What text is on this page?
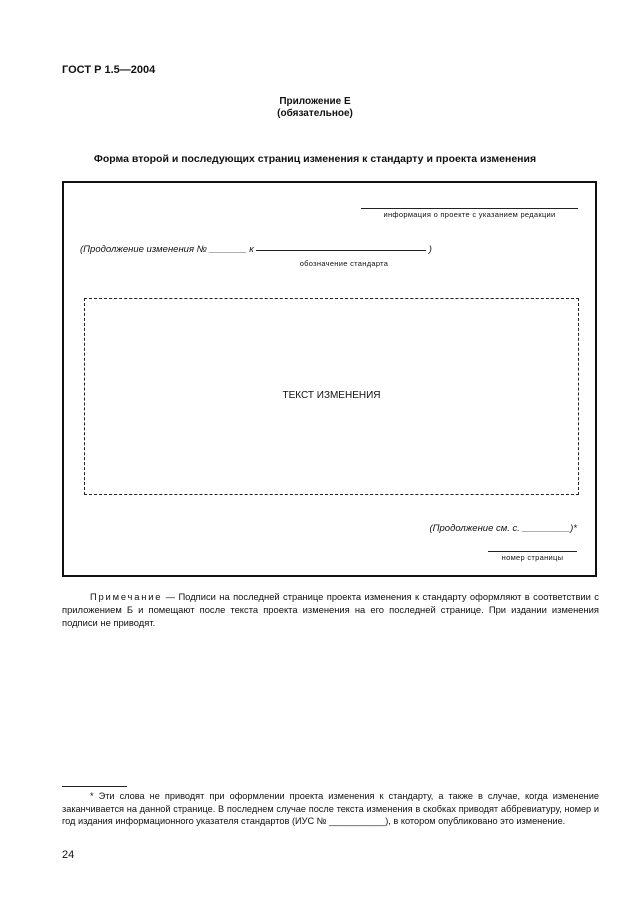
ГОСТ Р 1.5—2004
Приложение Е
(обязательное)
Форма второй и последующих страниц изменения к стандарту и проекта изменения
информация о проекте с указанием редакции
(Продолжение изменения № _______ к	)
обозначение стандарта
ТЕКСТ ИЗМЕНЕНИЯ
(Продолжение см. с. _________)*
номер страницы
Примечание — Подписи на последней странице проекта изменения к стандарту оформляют в соответствии с приложением Б и помещают после текста проекта изменения на его последней странице. При издании изменения подписи не приводят.
* Эти слова не приводят при оформлении проекта изменения к стандарту, а также в случае, когда изменение заканчивается на данной странице. В последнем случае после текста изменения в скобках приводят аббревиатуру, номер и год издания информационного указателя стандартов (ИУС № ___________), в котором опубликовано это изменение.
24
